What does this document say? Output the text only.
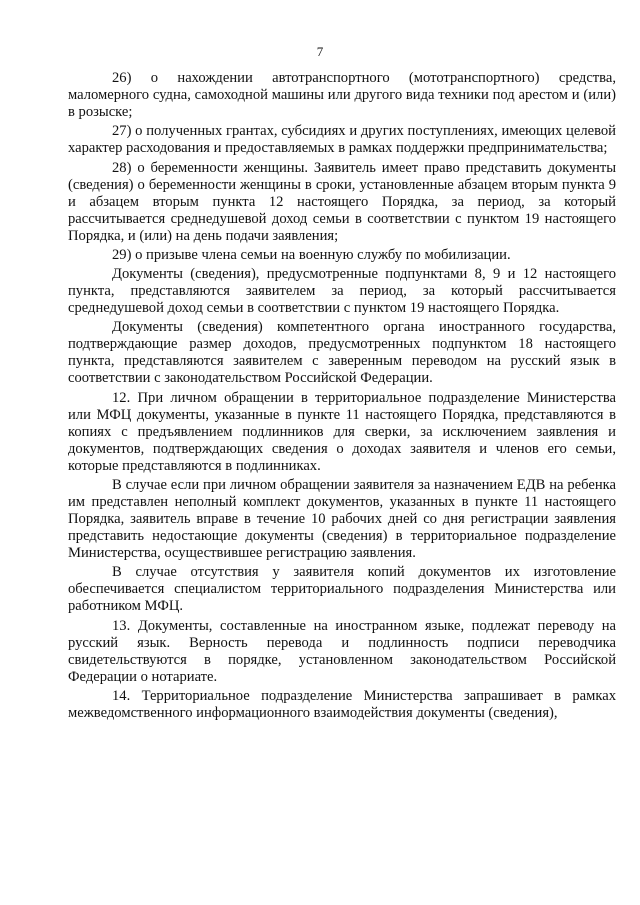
7

26) о нахождении автотранспортного (мототранспортного) средства, маломерного судна, самоходной машины или другого вида техники под арестом и (или) в розыске;

27) о полученных грантах, субсидиях и других поступлениях, имеющих целевой характер расходования и предоставляемых в рамках поддержки предпринимательства;

28) о беременности женщины. Заявитель имеет право представить документы (сведения) о беременности женщины в сроки, установленные абзацем вторым пункта 9 и абзацем вторым пункта 12 настоящего Порядка, за период, за который рассчитывается среднедушевой доход семьи в соответствии с пунктом 19 настоящего Порядка, и (или) на день подачи заявления;

29) о призыве члена семьи на военную службу по мобилизации.

Документы (сведения), предусмотренные подпунктами 8, 9 и 12 настоящего пункта, представляются заявителем за период, за который рассчитывается среднедушевой доход семьи в соответствии с пунктом 19 настоящего Порядка.

Документы (сведения) компетентного органа иностранного государства, подтверждающие размер доходов, предусмотренных подпунктом 18 настоящего пункта, представляются заявителем с заверенным переводом на русский язык в соответствии с законодательством Российской Федерации.

12. При личном обращении в территориальное подразделение Министерства или МФЦ документы, указанные в пункте 11 настоящего Порядка, представляются в копиях с предъявлением подлинников для сверки, за исключением заявления и документов, подтверждающих сведения о доходах заявителя и членов его семьи, которые представляются в подлинниках.

В случае если при личном обращении заявителя за назначением ЕДВ на ребенка им представлен неполный комплект документов, указанных в пункте 11 настоящего Порядка, заявитель вправе в течение 10 рабочих дней со дня регистрации заявления представить недостающие документы (сведения) в территориальное подразделение Министерства, осуществившее регистрацию заявления.

В случае отсутствия у заявителя копий документов их изготовление обеспечивается специалистом территориального подразделения Министерства или работником МФЦ.

13. Документы, составленные на иностранном языке, подлежат переводу на русский язык. Верность перевода и подлинность подписи переводчика свидетельствуются в порядке, установленном законодательством Российской Федерации о нотариате.

14. Территориальное подразделение Министерства запрашивает в рамках межведомственного информационного взаимодействия документы (сведения),
